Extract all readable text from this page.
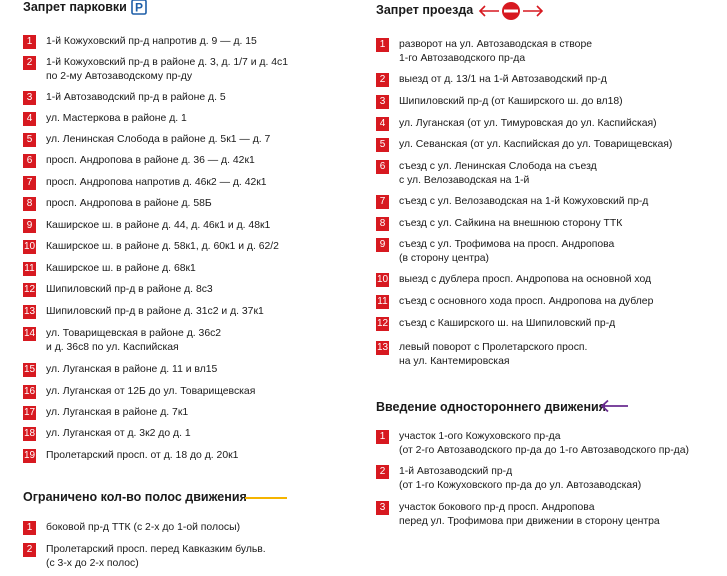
Запрет парковки P
1	1-й Кожуховский пр-д напротив д. 9 — д. 15
2	1-й Кожуховский пр-д в районе д. 3, д. 1/7 и д. 4с1
по 2-му Автозаводскому пр-ду
3	1-й Автозаводский пр-д в районе д. 5
4	ул. Мастеркова в районе д. 1
5	ул. Ленинская Слобода в районе д. 5к1 — д. 7
6	просп. Андропова в районе д. 36 — д. 42к1
7	просп. Андропова напротив д. 46к2 — д. 42к1
8	просп. Андропова в районе д. 58Б
9	Каширское ш. в районе д. 44, д. 46к1 и д. 48к1
10 Каширское ш. в районе д. 58к1, д. 60к1 и д. 62/2
11 Каширское ш. в районе д. 68к1
12 Шипиловский пр-д в районе д. 8с3
13 Шипиловский пр-д в районе д. 31с2 и д. 37к1
14 ул. Товарищевская в районе д. 36с2
и д. 36с8 по ул. Каспийская
15 ул. Луганская в районе д. 11 и вл15
16 ул. Луганская от 12Б до ул. Товарищевская
17 ул. Луганская в районе д. 7к1
18 ул. Луганская от д. 3к2 до д. 1
19 Пролетарский просп. от д. 18 до д. 20к1
Ограничено кол-во полос движения
1	боковой пр-д ТТК (с 2-х до 1-ой полосы)
2	Пролетарский просп. перед Кавказким бульв.
(с 3-х до 2-х полос)
Запрет проезда
1	разворот на ул. Автозаводская в створе
1-го Автозаводского пр-да
2	выезд от д. 13/1 на 1-й Автозаводский пр-д
3	Шипиловский пр-д (от Каширского ш. до вл18)
4	ул. Луганская (от ул. Тимуровская до ул. Каспийская)
5	ул. Севанская (от ул. Каспийская до ул. Товарищевская)
6	съезд с ул. Ленинская Слобода на съезд
с ул. Велозаводская на 1-й
7	съезд с ул. Велозаводская на 1-й Кожуховский пр-д
8	съезд с ул. Сайкина на внешнюю сторону ТТК
9	съезд с ул. Трофимова на просп. Андропова
(в сторону центра)
10 выезд с дублера просп. Андропова на основной ход
11 съезд с основного хода просп. Андропова на дублер
12 съезд с Каширского ш. на Шипиловский пр-д
13 левый поворот с Пролетарского просп.
на ул. Кантемировская
Введение одностороннего движения
1	участок 1-ого Кожуховского пр-да
(от 2-го Автозаводского пр-да до 1-го Автозаводского пр-да)
2	1-й Автозаводский пр-д
(от 1-го Кожуховского пр-да до ул. Автозаводская)
3	участок бокового пр-д просп. Андропова
перед ул. Трофимова при движении в сторону центра
